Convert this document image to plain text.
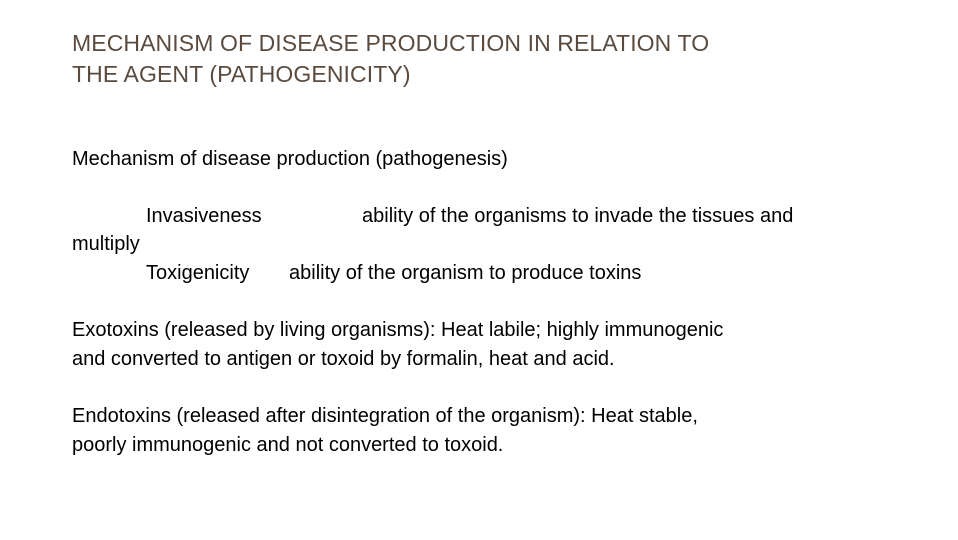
MECHANISM OF DISEASE PRODUCTION IN RELATION TO
THE AGENT (PATHOGENICITY)
Mechanism of disease production (pathogenesis)
Invasiveness	ability of the organisms to invade the tissues and
multiply
Toxigenicity ability of the organism to produce toxins
Exotoxins (released by living organisms): Heat labile; highly immunogenic
and converted to antigen or toxoid by formalin, heat and acid.
Endotoxins (released after disintegration of the organism): Heat stable,
poorly immunogenic and not converted to toxoid.
